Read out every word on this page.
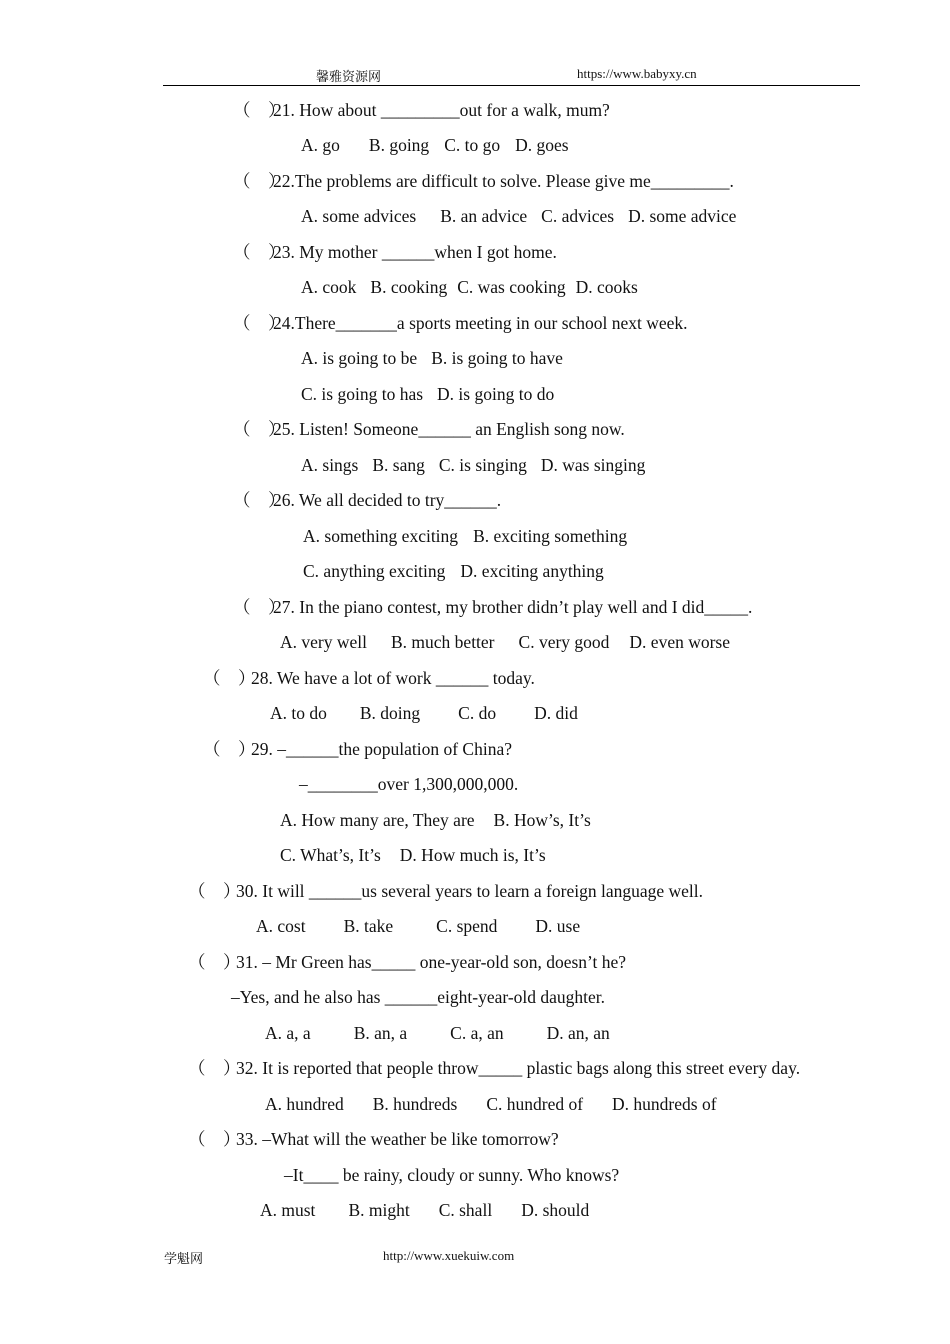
馨雅资源网	https://www.babyxy.cn
（　）21. How about _________out for a walk, mum?
A. go B. going C. to go D. goes
（　）22.The problems are difficult to solve. Please give me_________.
A. some advices B. an advice C. advices D. some advice
（　）23. My mother ______when I got home.
A. cook B. cooking C. was cooking D. cooks
（　）24.There_______a sports meeting in our school next week.
A. is going to be B. is going to have
C. is going to has D. is going to do
（　）25. Listen! Someone______ an English song now.
A. sings B. sang C. is singing D. was singing
（　）26. We all decided to try______.
A. something exciting B. exciting something
C. anything exciting D. exciting anything
（　）27. In the piano contest, my brother didn’t play well and I did_____.
A. very well B. much better C. very good D. even worse
（　）28. We have a lot of work ______ today.
A. to do B. doing C. do D. did
（　）29. –______the population of China?
–________over 1,300,000,000.
A. How many are, They are B. How’s, It’s
C. What’s, It’s D. How much is, It’s
（　）30. It will ______us several years to learn a foreign language well.
A. cost B. take C. spend D. use
（　）31. – Mr Green has_____ one-year-old son, doesn’t he?
–Yes, and he also has ______eight-year-old daughter.
A. a, a B. an, a C. a, an D. an, an
（　）32. It is reported that people throw_____ plastic bags along this street every day.
A. hundred B. hundreds C. hundred of D. hundreds of
（　）33. –What will the weather be like tomorrow?
–It____ be rainy, cloudy or sunny. Who knows?
A. must B. might C. shall D. should
学魁网	http://www.xuekuiw.com
